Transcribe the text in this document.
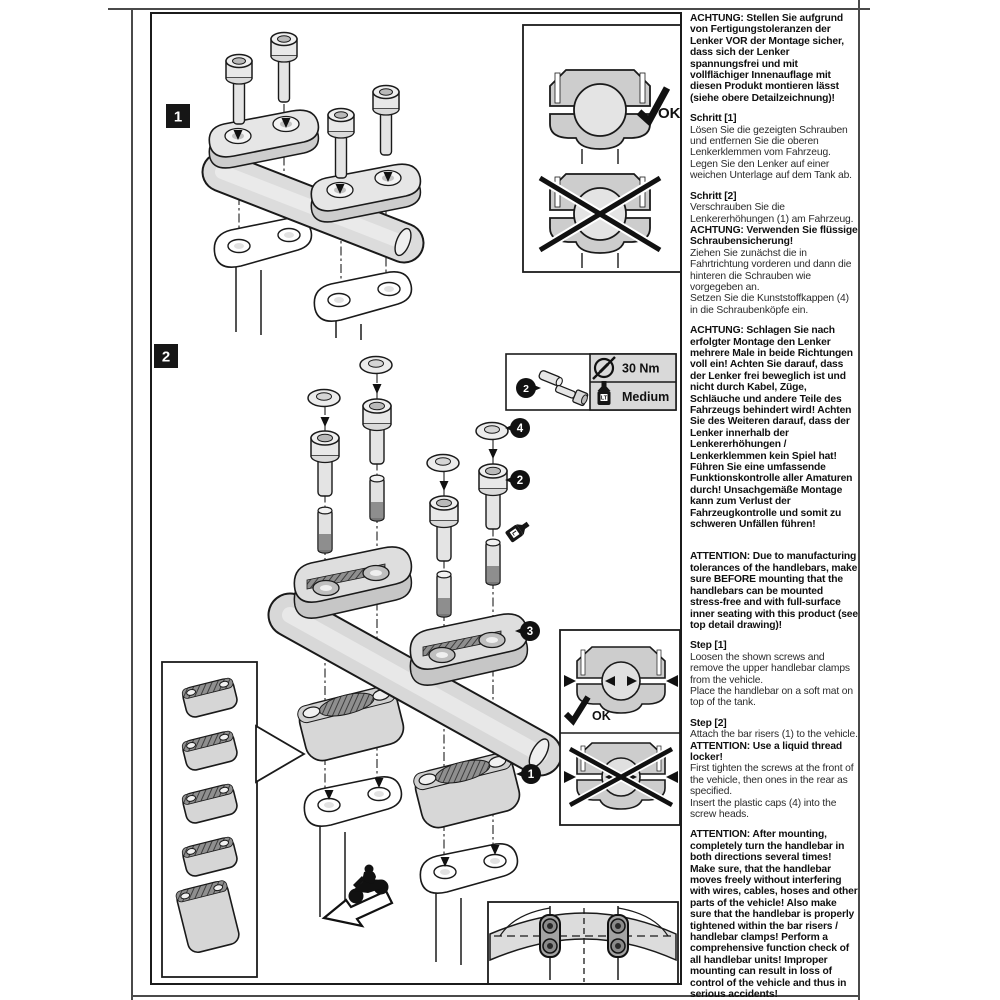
4
2
3
1
L
OK
2
30 Nm
LT Medium
OK
1
2
ACHTUNG: Stellen Sie aufgrund von Fertigungstoleranzen der Lenker VOR der Montage sicher, dass sich der Lenker spannungsfrei und mit vollflächiger Innenauflage mit diesen Produkt montieren lässt (siehe obere Detailzeichnung)!
Schritt [1]
Lösen Sie die gezeigten Schrauben und entfernen Sie die oberen Lenkerklemmen vom Fahrzeug. Legen Sie den Lenker auf einer weichen Unterlage auf dem Tank ab.
Schritt [2]
Verschrauben Sie die Lenkererhöhungen (1) am Fahrzeug.
ACHTUNG: Verwenden Sie flüssige Schraubensicherung!
Ziehen Sie zunächst die in Fahrtrichtung vorderen und dann die hinteren die Schrauben wie vorgegeben an.
Setzen Sie die Kunststoffkappen (4) in die Schraubenköpfe ein.
ACHTUNG: Schlagen Sie nach erfolgter Montage den Lenker mehrere Male in beide Richtungen voll ein! Achten Sie darauf, dass der Lenker frei beweglich ist und nicht durch Kabel, Züge, Schläuche und andere Teile des Fahrzeugs behindert wird! Achten Sie des Weiteren darauf, dass der Lenker innerhalb der Lenkererhöhungen / Lenkerklemmen kein Spiel hat! Führen Sie eine umfassende Funktionskontrolle aller Amaturen durch! Unsachgemäße Montage kann zum Verlust der Fahrzeugkontrolle und somit zu schweren Unfällen führen!
ATTENTION: Due to manufacturing tolerances of the handlebars, make sure BEFORE mounting that the handlebars can be mounted stress-free and with full-surface inner seating with this product (see top detail drawing)!
Step [1]
Loosen the shown screws and remove the upper handlebar clamps from the vehicle.
Place the handlebar on a soft mat on top of the tank.
Step [2]
Attach the bar risers (1) to the vehicle.
ATTENTION: Use a liquid thread locker!
First tighten the screws at the front of the vehicle, then ones in the rear as specified.
Insert the plastic caps (4) into the screw heads.
ATTENTION: After mounting, completely turn the handlebar in both directions several times! Make sure, that the handlebar moves freely without interfering with wires, cables, hoses and other parts of the vehicle! Also make sure that the handlebar is properly tightened within the bar risers / handlebar clamps! Perform a comprehensive function check of all handlebar units! Improper mounting can result in loss of control of the vehicle and thus in serious accidents!
